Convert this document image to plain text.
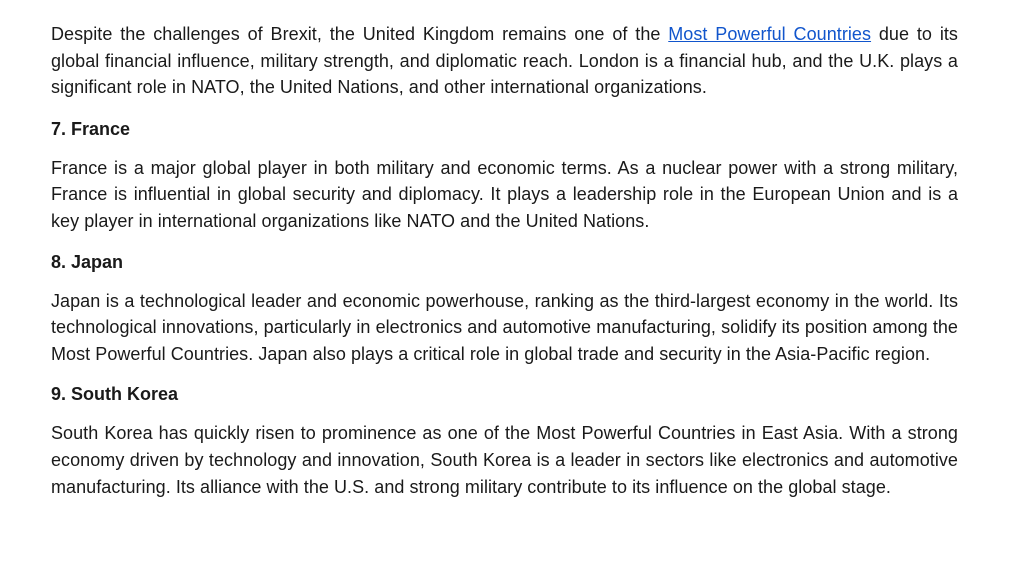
Despite the challenges of Brexit, the United Kingdom remains one of the Most Powerful Countries due to its global financial influence, military strength, and diplomatic reach. London is a financial hub, and the U.K. plays a significant role in NATO, the United Nations, and other international organizations.

7. France

France is a major global player in both military and economic terms. As a nuclear power with a strong military, France is influential in global security and diplomacy. It plays a leadership role in the European Union and is a key player in international organizations like NATO and the United Nations.

8. Japan

Japan is a technological leader and economic powerhouse, ranking as the third-largest economy in the world. Its technological innovations, particularly in electronics and automotive manufacturing, solidify its position among the Most Powerful Countries. Japan also plays a critical role in global trade and security in the Asia-Pacific region.

9. South Korea

South Korea has quickly risen to prominence as one of the Most Powerful Countries in East Asia. With a strong economy driven by technology and innovation, South Korea is a leader in sectors like electronics and automotive manufacturing. Its alliance with the U.S. and strong military contribute to its influence on the global stage.
